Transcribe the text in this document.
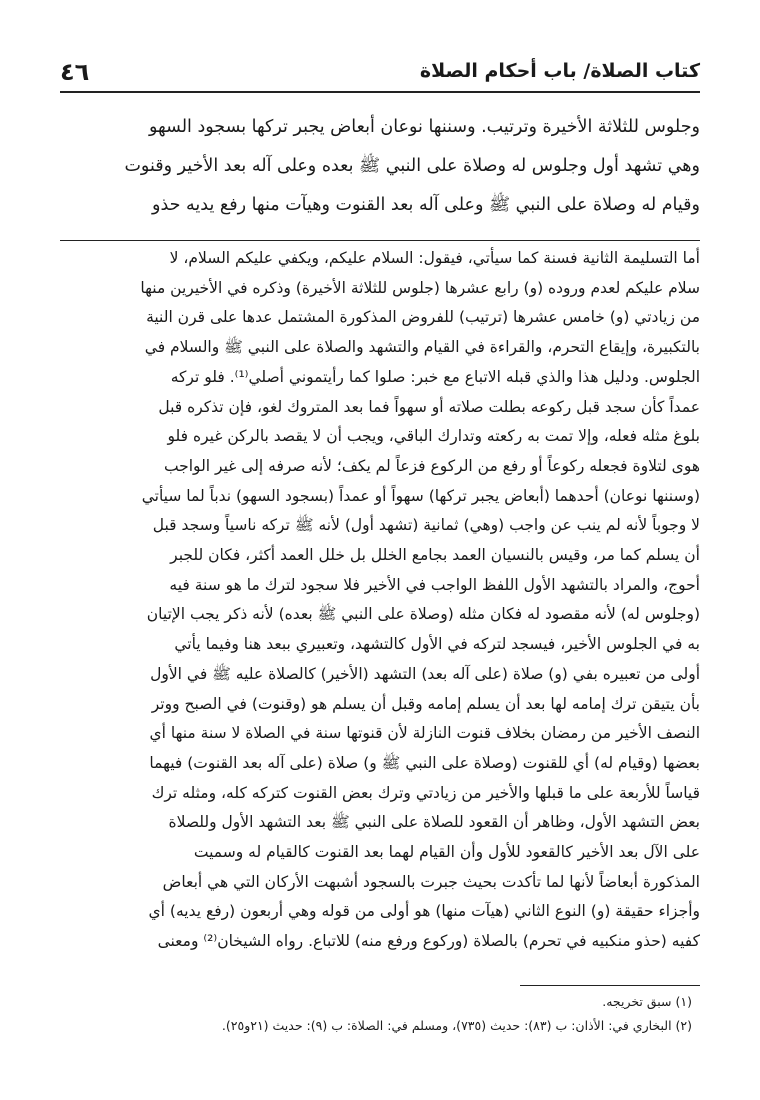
٤٦	كتاب الصلاة/ باب أحكام الصلاة

وجلوس للثلاثة الأخيرة وترتيب. وسننها نوعان أبعاض يجبر تركها بسجود السهو

وهي تشهد أول وجلوس له وصلاة على النبي ﷺ بعده وعلى آله بعد الأخير وقنوت

وقيام له وصلاة على النبي ﷺ وعلى آله بعد القنوت وهيآت منها رفع يديه حذو

أما التسليمة الثانية فسنة كما سيأتي، فيقول: السلام عليكم، ويكفي عليكم السلام، لا

سلام عليكم لعدم وروده (و) رابع عشرها (جلوس للثلاثة الأخيرة) وذكره في الأخيرين منها

من زيادتي (و) خامس عشرها (ترتيب) للفروض المذكورة المشتمل عدها على قرن النية

بالتكبيرة، وإيقاع التحرم، والقراءة في القيام والتشهد والصلاة على النبي ﷺ والسلام في

الجلوس. ودليل هذا والذي قبله الاتباع مع خبر: صلوا كما رأيتموني أصلي⁽¹⁾. فلو تركه

عمداً كأن سجد قبل ركوعه بطلت صلاته أو سهواً فما بعد المتروك لغو، فإن تذكره قبل

بلوغ مثله فعله، وإلا تمت به ركعته وتدارك الباقي، ويجب أن لا يقصد بالركن غيره فلو

هوى لتلاوة فجعله ركوعاً أو رفع من الركوع فزعاً لم يكف؛ لأنه صرفه إلى غير الواجب

(وسننها نوعان) أحدهما (أبعاض يجبر تركها) سهواً أو عمداً (بسجود السهو) ندباً لما سيأتي

لا وجوباً لأنه لم ينب عن واجب (وهي) ثمانية (تشهد أول) لأنه ﷺ تركه ناسياً وسجد قبل

أن يسلم كما مر، وقيس بالنسيان العمد بجامع الخلل بل خلل العمد أكثر، فكان للجبر

أحوج، والمراد بالتشهد الأول اللفظ الواجب في الأخير فلا سجود لترك ما هو سنة فيه

(وجلوس له) لأنه مقصود له فكان مثله (وصلاة على النبي ﷺ بعده) لأنه ذكر يجب الإتيان

به في الجلوس الأخير، فيسجد لتركه في الأول كالتشهد، وتعبيري ببعد هنا وفيما يأتي

أولى من تعبيره بفي (و) صلاة (على آله بعد) التشهد (الأخير) كالصلاة عليه ﷺ في الأول

بأن يتيقن ترك إمامه لها بعد أن يسلم إمامه وقبل أن يسلم هو (وقنوت) في الصبح ووتر

النصف الأخير من رمضان بخلاف قنوت النازلة لأن قنوتها سنة في الصلاة لا سنة منها أي

بعضها (وقيام له) أي للقنوت (وصلاة على النبي ﷺ و) صلاة (على آله بعد القنوت) فيهما

قياساً للأربعة على ما قبلها والأخير من زيادتي وترك بعض القنوت كتركه كله، ومثله ترك

بعض التشهد الأول، وظاهر أن القعود للصلاة على النبي ﷺ بعد التشهد الأول وللصلاة

على الآل بعد الأخير كالقعود للأول وأن القيام لهما بعد القنوت كالقيام له وسميت

المذكورة أبعاضاً لأنها لما تأكدت بحيث جبرت بالسجود أشبهت الأركان التي هي أبعاض

وأجزاء حقيقة (و) النوع الثاني (هيآت منها) هو أولى من قوله وهي أربعون (رفع يديه) أي

كفيه (حذو منكبيه في تحرم) بالصلاة (وركوع ورفع منه) للاتباع. رواه الشيخان⁽²⁾ ومعنى

(١) سبق تخريجه.

(٢) البخاري في: الأذان: ب (٨٣): حديث (٧٣٥)، ومسلم في: الصلاة: ب (٩): حديث (٢١و٢٥).
